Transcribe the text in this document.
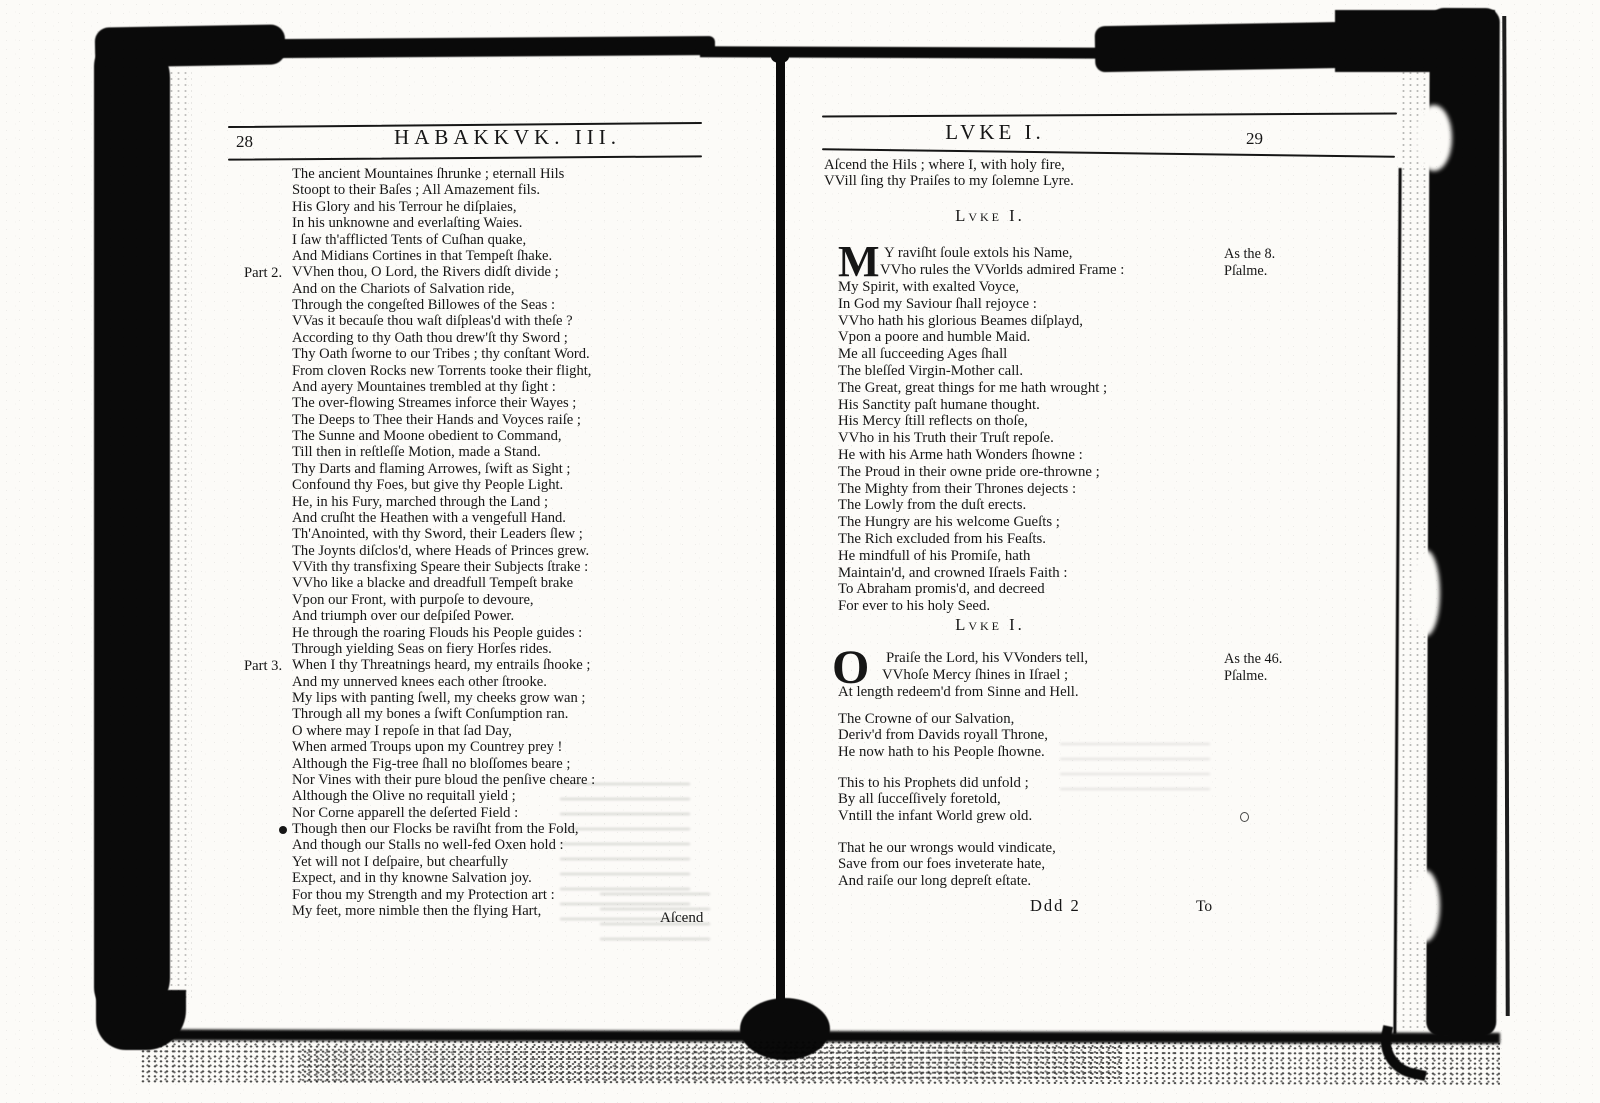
28	HABAKKVK. III.
Part 2.
Part 3.
The ancient Mountaines ſhrunke ; eternall Hils
Stoopt to their Baſes ; All Amazement fils.
His Glory and his Terrour he diſplaies,
In his unknowne and everlaſting Waies.
I ſaw th'afflicted Tents of Cuſhan quake,
And Midians Cortines in that Tempeſt ſhake.
VVhen thou, O Lord, the Rivers didſt divide ;
And on the Chariots of Salvation ride,
Through the congeſted Billowes of the Seas :
VVas it becauſe thou waſt diſpleas'd with theſe ?
According to thy Oath thou drew'ſt thy Sword ;
Thy Oath ſworne to our Tribes ; thy conſtant Word.
From cloven Rocks new Torrents tooke their flight,
And ayery Mountaines trembled at thy ſight :
The over-flowing Streames inforce their Wayes ;
The Deeps to Thee their Hands and Voyces raiſe ;
The Sunne and Moone obedient to Command,
Till then in reſtleſſe Motion, made a Stand.
Thy Darts and flaming Arrowes, ſwift as Sight ;
Confound thy Foes, but give thy People Light.
He, in his Fury, marched through the Land ;
And cruſht the Heathen with a vengefull Hand.
Th'Anointed, with thy Sword, their Leaders ſlew ;
The Joynts diſclos'd, where Heads of Princes grew.
VVith thy transfixing Speare their Subjects ſtrake :
VVho like a blacke and dreadfull Tempeſt brake
Vpon our Front, with purpoſe to devoure,
And triumph over our deſpiſed Power.
He through the roaring Flouds his People guides :
Through yielding Seas on fiery Horſes rides.
When I thy Threatnings heard, my entrails ſhooke ;
And my unnerved knees each other ſtrooke.
My lips with panting ſwell, my cheeks grow wan ;
Through all my bones a ſwift Conſumption ran.
O where may I repoſe in that ſad Day,
When armed Troups upon my Countrey prey !
Although the Fig-tree ſhall no bloſſomes beare ;
Nor Vines with their pure bloud the penſive cheare :
Although the Olive no requitall yield ;
Nor Corne apparell the deſerted Field :
Though then our Flocks be raviſht from the Fold,
And though our Stalls no well-fed Oxen hold :
Yet will not I deſpaire, but chearfully
Expect, and in thy knowne Salvation joy.
For thou my Strength and my Protection art :
My feet, more nimble then the flying Hart,	Aſcend
LVKE I.	29
Aſcend the Hils ; where I, with holy fire,
VVill ſing thy Praiſes to my ſolemne Lyre.
Lvke I.
M Y raviſht ſoule extols his Name,
VVho rules the VVorlds admired Frame :
My Spirit, with exalted Voyce,
In God my Saviour ſhall rejoyce :
VVho hath his glorious Beames diſplayd,
Vpon a poore and humble Maid.
Me all ſucceeding Ages ſhall
The bleſſed Virgin-Mother call.
The Great, great things for me hath wrought ;
His Sanctity paſt humane thought.
His Mercy ſtill reflects on thoſe,
VVho in his Truth their Truſt repoſe.
He with his Arme hath Wonders ſhowne :
The Proud in their owne pride ore-throwne ;
The Mighty from their Thrones dejects :
The Lowly from the duſt erects.
The Hungry are his welcome Gueſts ;
The Rich excluded from his Feaſts.
He mindfull of his Promiſe, hath
Maintain'd, and crowned Iſraels Faith :
To Abraham promis'd, and decreed
For ever to his holy Seed.
As the 8.
Pſalme.
Lvke I.
O Praiſe the Lord, his VVonders tell,
VVhoſe Mercy ſhines in Iſrael ;
At length redeem'd from Sinne and Hell.
The Crowne of our Salvation,
Deriv'd from Davids royall Throne,
He now hath to his People ſhowne.
This to his Prophets did unfold ;
By all ſucceſſively foretold,
Vntill the infant World grew old.
That he our wrongs would vindicate,
Save from our foes inveterate hate,
And raiſe our long depreſt eſtate.
As the 46.
Pſalme.
Ddd 2	To
